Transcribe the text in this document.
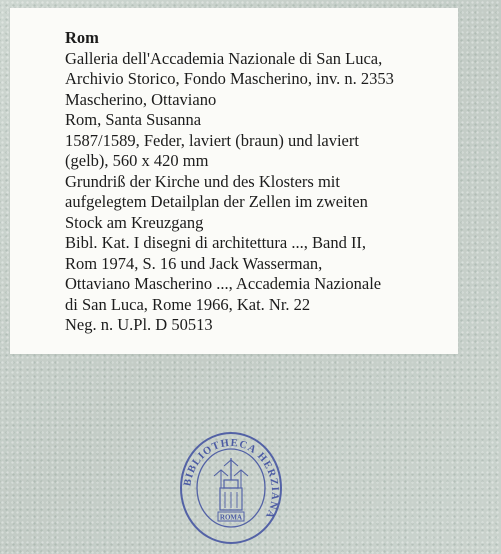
Rom
Galleria dell'Accademia Nazionale di San Luca,
Archivio Storico, Fondo Mascherino, inv. n. 2353
Mascherino, Ottaviano
Rom, Santa Susanna
1587/1589, Feder, laviert (braun) und laviert
(gelb), 560 x 420 mm
Grundriß der Kirche und des Klosters mit
aufgelegtem Detailplan der Zellen im zweiten
Stock am Kreuzgang
Bibl. Kat. I disegni di architettura ..., Band II,
Rom 1974, S. 16 und Jack Wasserman,
Ottaviano Mascherino ..., Accademia Nazionale
di San Luca, Rome 1966, Kat. Nr. 22
Neg. n. U.Pl. D 50513
BIBLIOTHECA HERZIANA
ROMA
